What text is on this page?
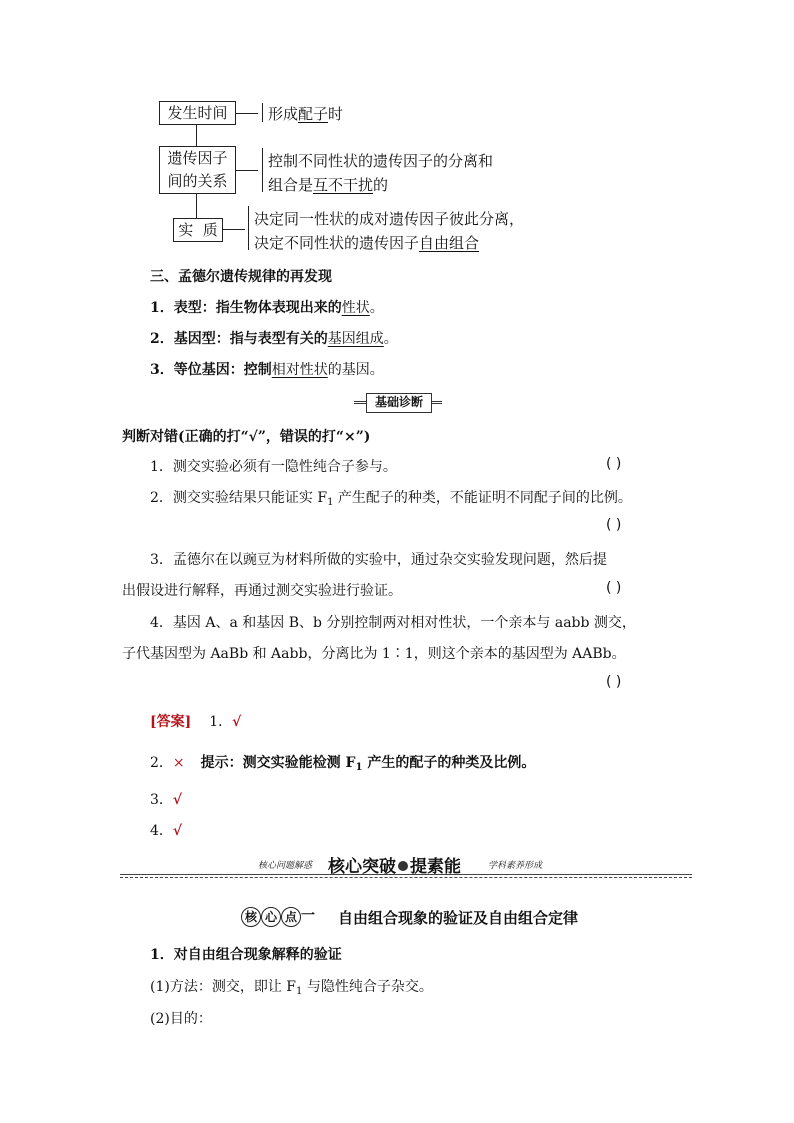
发生时间	形成配子时
遗传因子
间的关系
控制不同性状的遗传因子的分离和
组合是互不干扰的
实  质
决定同一性状的成对遗传因子彼此分离，
决定不同性状的遗传因子自由组合
三、孟德尔遗传规律的再发现
1．表型：指生物体表现出来的性状。
2．基因型：指与表型有关的基因组成。
3．等位基因：控制相对性状的基因。
基础诊断
判断对错(正确的打“√”，错误的打“×”)
1．测交实验必须有一隐性纯合子参与。	( )
2．测交实验结果只能证实 $F_1$ 产生配子的种类，不能证明不同配子间的比例。
( )
3．孟德尔在以豌豆为材料所做的实验中，通过杂交实验发现问题，然后提
出假设进行解释，再通过测交实验进行验证。	( )
4．基因 A、a 和基因 B、b 分别控制两对相对性状，一个亲本与 aabb 测交，
子代基因型为 AaBb 和 Aabb，分离比为 1∶1，则这个亲本的基因型为 AABb。
( )
[答案] 1．√
2．× 提示：测交实验能检测 $F_1$ 产生的配子的种类及比例。
3．√
4．√
核心问题解惑 核心突破 提素能	学科素养形成
核 心 点 一 自由组合现象的验证及自由组合定律
1．对自由组合现象解释的验证
(1)方法：测交，即让 $F_1$ 与隐性纯合子杂交。
(2)目的：
